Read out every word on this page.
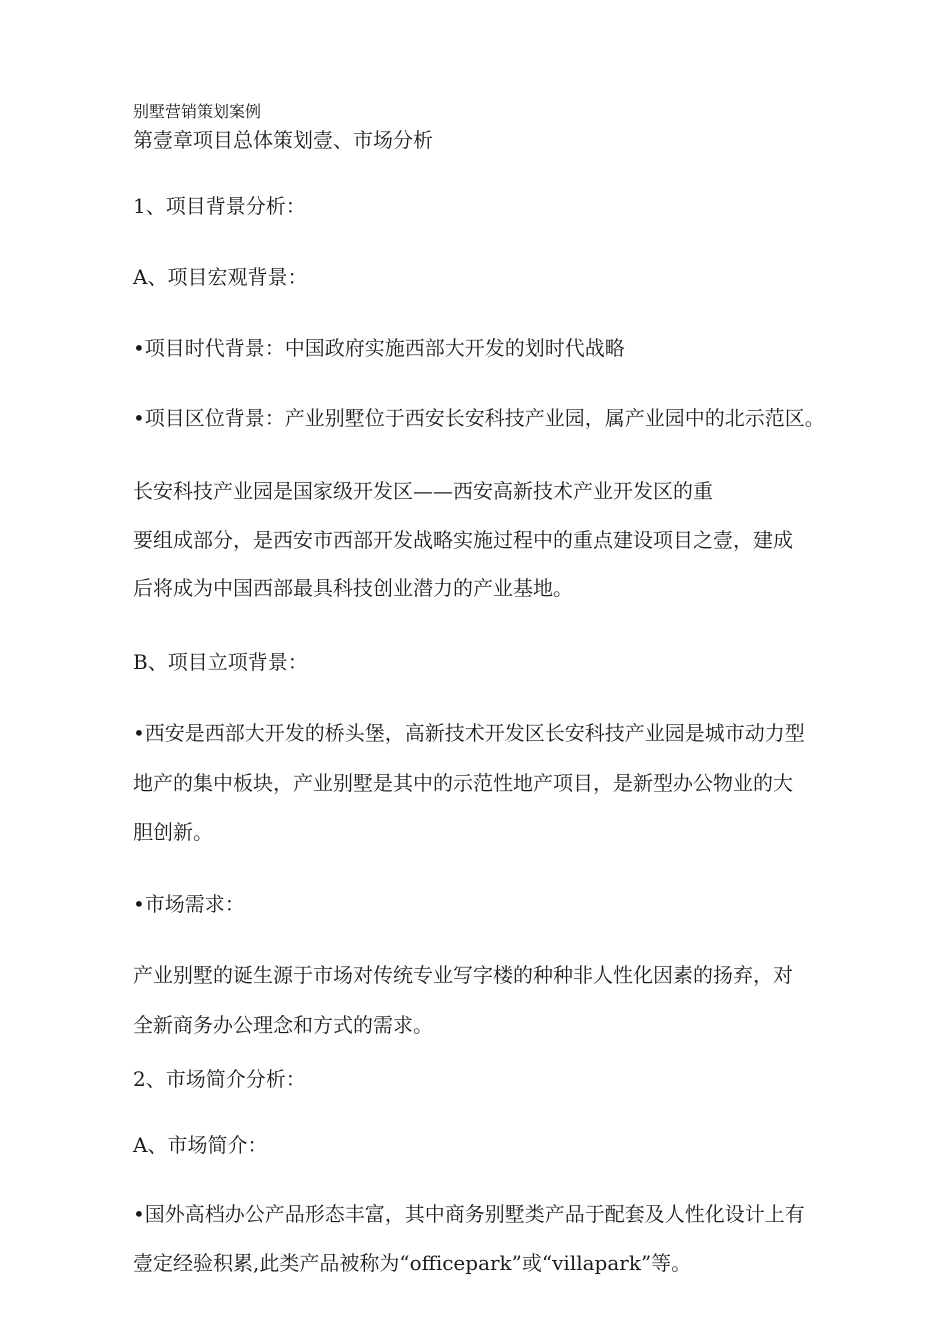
别墅营销策划案例
第壹章项目总体策划壹、市场分析
1、项目背景分析：
A、项目宏观背景：
•项目时代背景：中国政府实施西部大开发的划时代战略
•项目区位背景：产业别墅位于西安长安科技产业园，属产业园中的北示范区。
长安科技产业园是国家级开发区——西安高新技术产业开发区的重
要组成部分，是西安市西部开发战略实施过程中的重点建设项目之壹，建成
后将成为中国西部最具科技创业潜力的产业基地。
B、项目立项背景：
•西安是西部大开发的桥头堡，高新技术开发区长安科技产业园是城市动力型
地产的集中板块，产业别墅是其中的示范性地产项目，是新型办公物业的大
胆创新。
•市场需求：
产业别墅的诞生源于市场对传统专业写字楼的种种非人性化因素的扬弃，对
全新商务办公理念和方式的需求。
2、市场简介分析：
A、市场简介：
•国外高档办公产品形态丰富，其中商务别墅类产品于配套及人性化设计上有
壹定经验积累,此类产品被称为“officepark”或“villapark”等。
